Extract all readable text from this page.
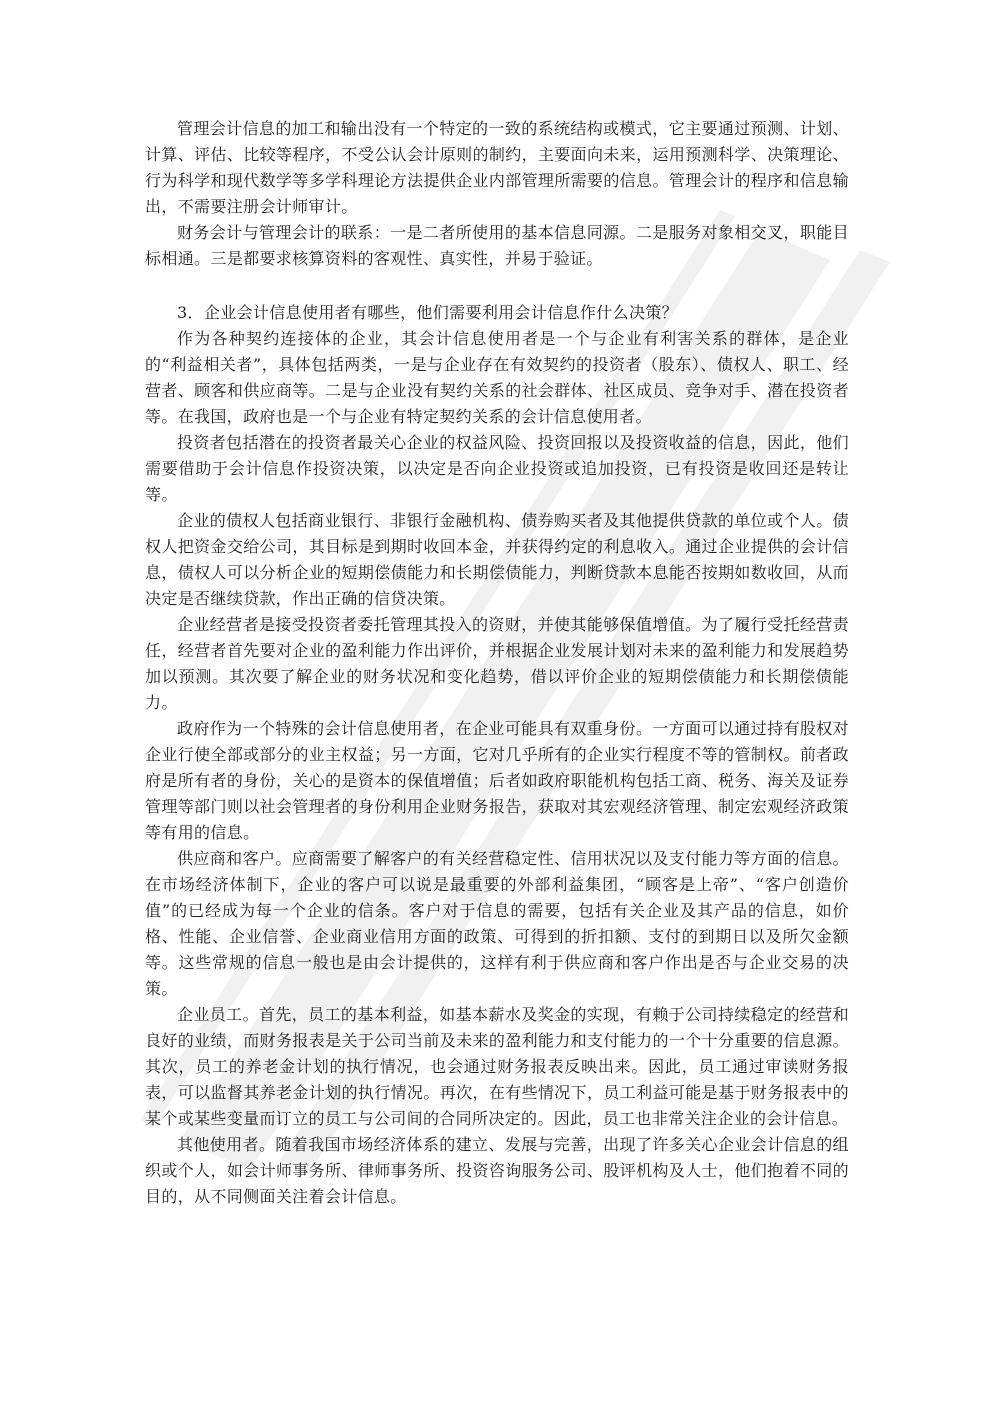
管理会计信息的加工和输出没有一个特定的一致的系统结构或模式，它主要通过预测、计划、计算、评估、比较等程序，不受公认会计原则的制约，主要面向未来，运用预测科学、决策理论、行为科学和现代数学等多学科理论方法提供企业内部管理所需要的信息。管理会计的程序和信息输出，不需要注册会计师审计。

财务会计与管理会计的联系：一是二者所使用的基本信息同源。二是服务对象相交叉，职能目标相通。三是都要求核算资料的客观性、真实性，并易于验证。

3．企业会计信息使用者有哪些，他们需要利用会计信息作什么决策？

作为各种契约连接体的企业，其会计信息使用者是一个与企业有利害关系的群体，是企业的“利益相关者”，具体包括两类，一是与企业存在有效契约的投资者（股东）、债权人、职工、经营者、顾客和供应商等。二是与企业没有契约关系的社会群体、社区成员、竞争对手、潜在投资者等。在我国，政府也是一个与企业有特定契约关系的会计信息使用者。

投资者包括潜在的投资者最关心企业的权益风险、投资回报以及投资收益的信息，因此，他们需要借助于会计信息作投资决策，以决定是否向企业投资或追加投资，已有投资是收回还是转让等。

企业的债权人包括商业银行、非银行金融机构、债券购买者及其他提供贷款的单位或个人。债权人把资金交给公司，其目标是到期时收回本金，并获得约定的利息收入。通过企业提供的会计信息，债权人可以分析企业的短期偿债能力和长期偿债能力，判断贷款本息能否按期如数收回，从而决定是否继续贷款，作出正确的信贷决策。

企业经营者是接受投资者委托管理其投入的资财，并使其能够保值增值。为了履行受托经营责任，经营者首先要对企业的盈利能力作出评价，并根据企业发展计划对未来的盈利能力和发展趋势加以预测。其次要了解企业的财务状况和变化趋势，借以评价企业的短期偿债能力和长期偿债能力。

政府作为一个特殊的会计信息使用者，在企业可能具有双重身份。一方面可以通过持有股权对企业行使全部或部分的业主权益；另一方面，它对几乎所有的企业实行程度不等的管制权。前者政府是所有者的身份，关心的是资本的保值增值；后者如政府职能机构包括工商、税务、海关及证券管理等部门则以社会管理者的身份利用企业财务报告，获取对其宏观经济管理、制定宏观经济政策等有用的信息。

供应商和客户。应商需要了解客户的有关经营稳定性、信用状况以及支付能力等方面的信息。在市场经济体制下，企业的客户可以说是最重要的外部利益集团，“顾客是上帝”、“客户创造价值”的已经成为每一个企业的信条。客户对于信息的需要，包括有关企业及其产品的信息，如价格、性能、企业信誉、企业商业信用方面的政策、可得到的折扣额、支付的到期日以及所欠金额等。这些常规的信息一般也是由会计提供的，这样有利于供应商和客户作出是否与企业交易的决策。

企业员工。首先，员工的基本利益，如基本薪水及奖金的实现，有赖于公司持续稳定的经营和良好的业绩，而财务报表是关于公司当前及未来的盈利能力和支付能力的一个十分重要的信息源。其次，员工的养老金计划的执行情况，也会通过财务报表反映出来。因此，员工通过审读财务报表，可以监督其养老金计划的执行情况。再次，在有些情况下，员工利益可能是基于财务报表中的某个或某些变量而订立的员工与公司间的合同所决定的。因此，员工也非常关注企业的会计信息。

其他使用者。随着我国市场经济体系的建立、发展与完善，出现了许多关心企业会计信息的组织或个人，如会计师事务所、律师事务所、投资咨询服务公司、股评机构及人士，他们抱着不同的目的，从不同侧面关注着会计信息。
